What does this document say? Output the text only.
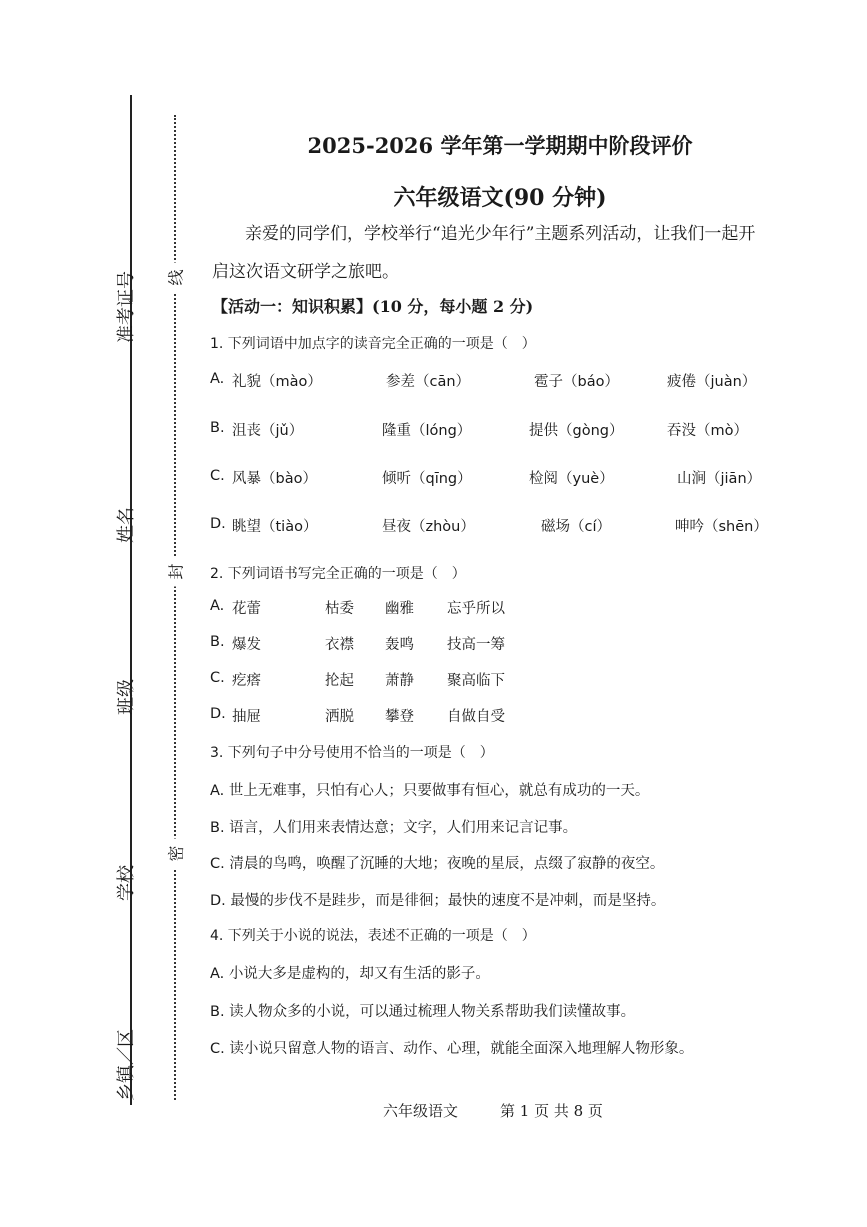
准考证号
姓名
班级
学校
乡镇／区
线
封
密
2025-2026 学年第一学期期中阶段评价
六年级语文(90 分钟)
亲爱的同学们，学校举行“追光少年行”主题系列活动，让我们一起开
启这次语文研学之旅吧。
【活动一：知识积累】(10 分，每小题 2 分)
1. 下列词语中加点字的读音完全正确的一项是（　）
A. 礼貌（mào）	参差（cān）	雹子（báo）	疲倦（juàn）
B. 沮丧（jǔ）	隆重（lóng）	提供（gòng）	吞没（mò）
C. 风暴（bào）	倾听（qīng）	检阅（yuè）	山涧（jiān）
D. 眺望（tiào）	昼夜（zhòu）	磁场（cí）	呻吟（shēn）
2. 下列词语书写完全正确的一项是（　）
A. 花蕾	枯委 幽雅 忘乎所以
B. 爆发	衣襟 轰鸣 技高一筹
C. 疙瘩	抡起 萧静 聚高临下
D. 抽屉	洒脱 攀登 自做自受
3. 下列句子中分号使用不恰当的一项是（　）
A. 世上无难事，只怕有心人；只要做事有恒心，就总有成功的一天。
B. 语言，人们用来表情达意；文字，人们用来记言记事。
C. 清晨的鸟鸣，唤醒了沉睡的大地；夜晚的星辰，点缀了寂静的夜空。
D. 最慢的步伐不是跬步，而是徘徊；最快的速度不是冲刺，而是坚持。
4. 下列关于小说的说法，表述不正确的一项是（　）
A. 小说大多是虚构的，却又有生活的影子。
B. 读人物众多的小说，可以通过梳理人物关系帮助我们读懂故事。
C. 读小说只留意人物的语言、动作、心理，就能全面深入地理解人物形象。
六年级语文	第 1 页 共 8 页
